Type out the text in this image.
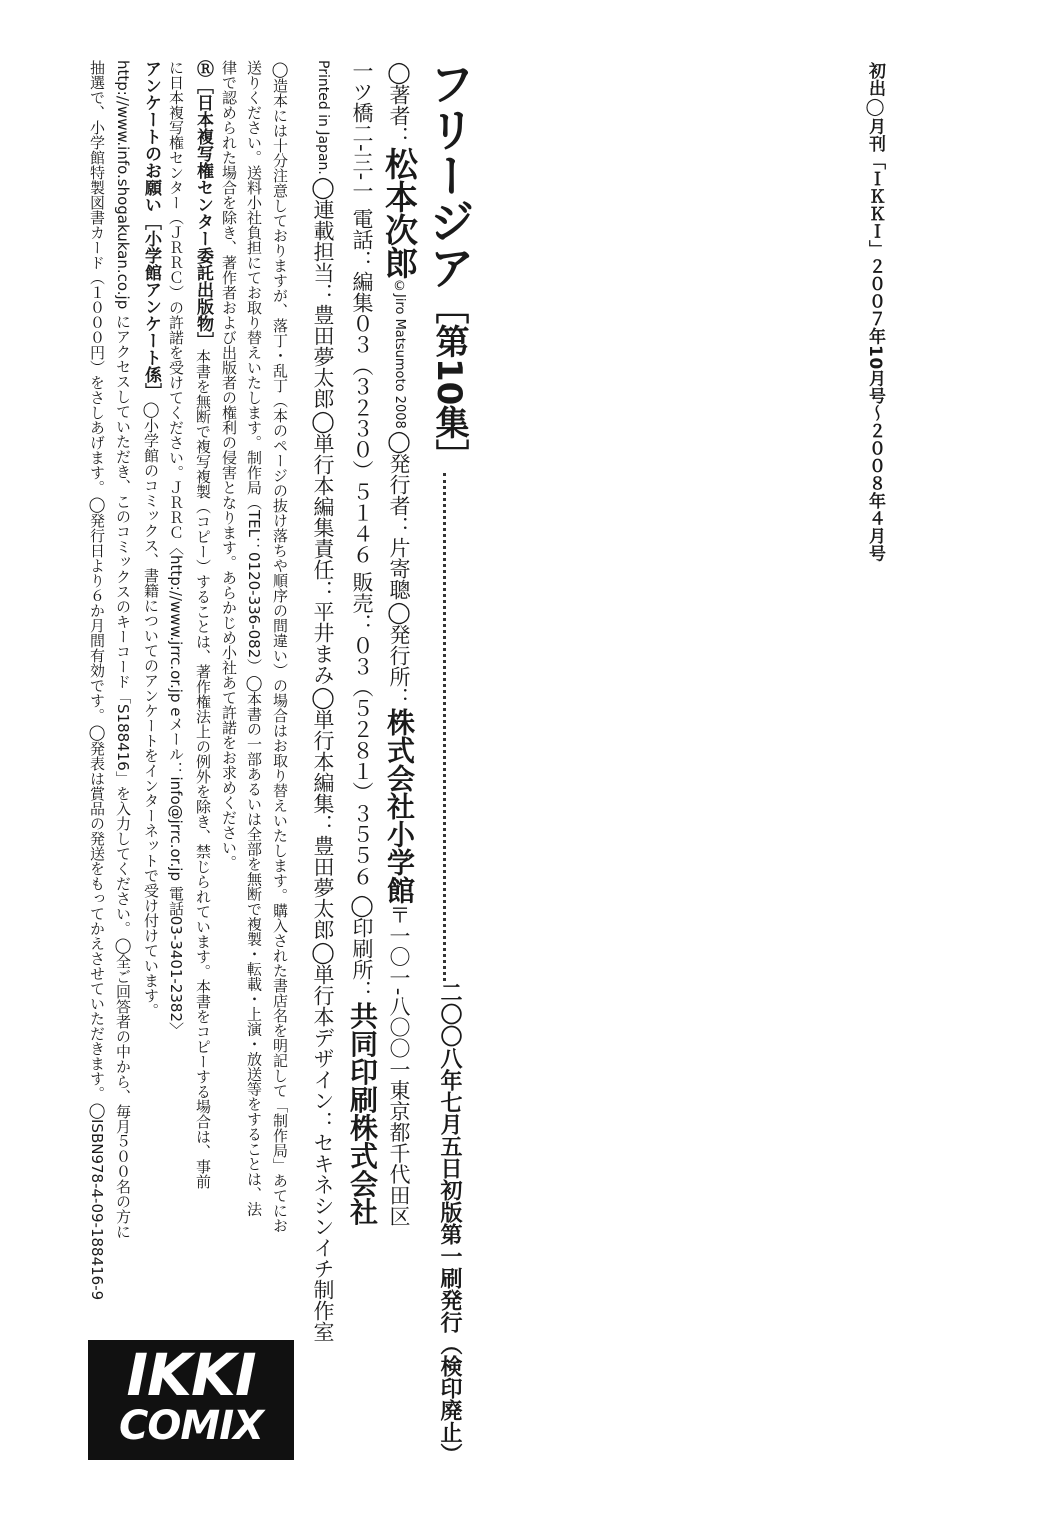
初出◯月刊「ＩＫＫＩ」２００７年10月号～２００８年４月号
フリージア［第10集］二〇〇八年七月五日初版第一刷発行（検印廃止）
◯著者：松本次郎©Jiro Matsumoto 2008◯発行者：片寄聰◯発行所：株式会社小学館〒一〇一-八〇〇一東京都千代田区
一ツ橋二-三-一 電話：編集０３（３２３０）５１４６ 販売：０３（５２８１）３５５６ ◯印刷所：共同印刷株式会社
Printed in Japan.◯連載担当：豊田夢太郎◯単行本編集責任：平井まみ◯単行本編集：豊田夢太郎◯単行本デザイン：セキネシンイチ制作室
◯造本には十分注意しておりますが、落丁・乱丁（本のページの抜け落ちや順序の間違い）の場合はお取り替えいたします。購入された書店名を明記して「制作局」あてにお
送りください。送料小社負担にてお取り替えいたします。制作局（TEL：0120-336-082）◯本書の一部あるいは全部を無断で複製・転載・上演・放送等をすることは、法
律で認められた場合を除き、著作者および出版者の権利の侵害となります。あらかじめ小社あて許諾をお求めください。
Ⓡ［日本複写権センター委託出版物］本書を無断で複写複製（コピー）することは、著作権法上の例外を除き、禁じられています。本書をコピーする場合は、事前
に日本複写権センター（ＪＲＲＣ）の許諾を受けてください。ＪＲＲＣ〈http://www.jrrc.or.jp eメール：info@jrrc.or.jp 電話03-3401-2382〉
アンケートのお願い［小学館アンケート係］◯小学館のコミックス、書籍についてのアンケートをインターネットで受け付けています。
http://www.info.shogakukan.co.jp にアクセスしていただき、このコミックスのキーコード「S188416」を入力してください。◯全ご回答者の中から、毎月５００名の方に
抽選で、小学館特製図書カード（１０００円）をさしあげます。◯発行日より６か月間有効です。◯発表は賞品の発送をもってかえさせていただきます。◯ISBN978-4-09-188416-9
IKKI
COMIX
